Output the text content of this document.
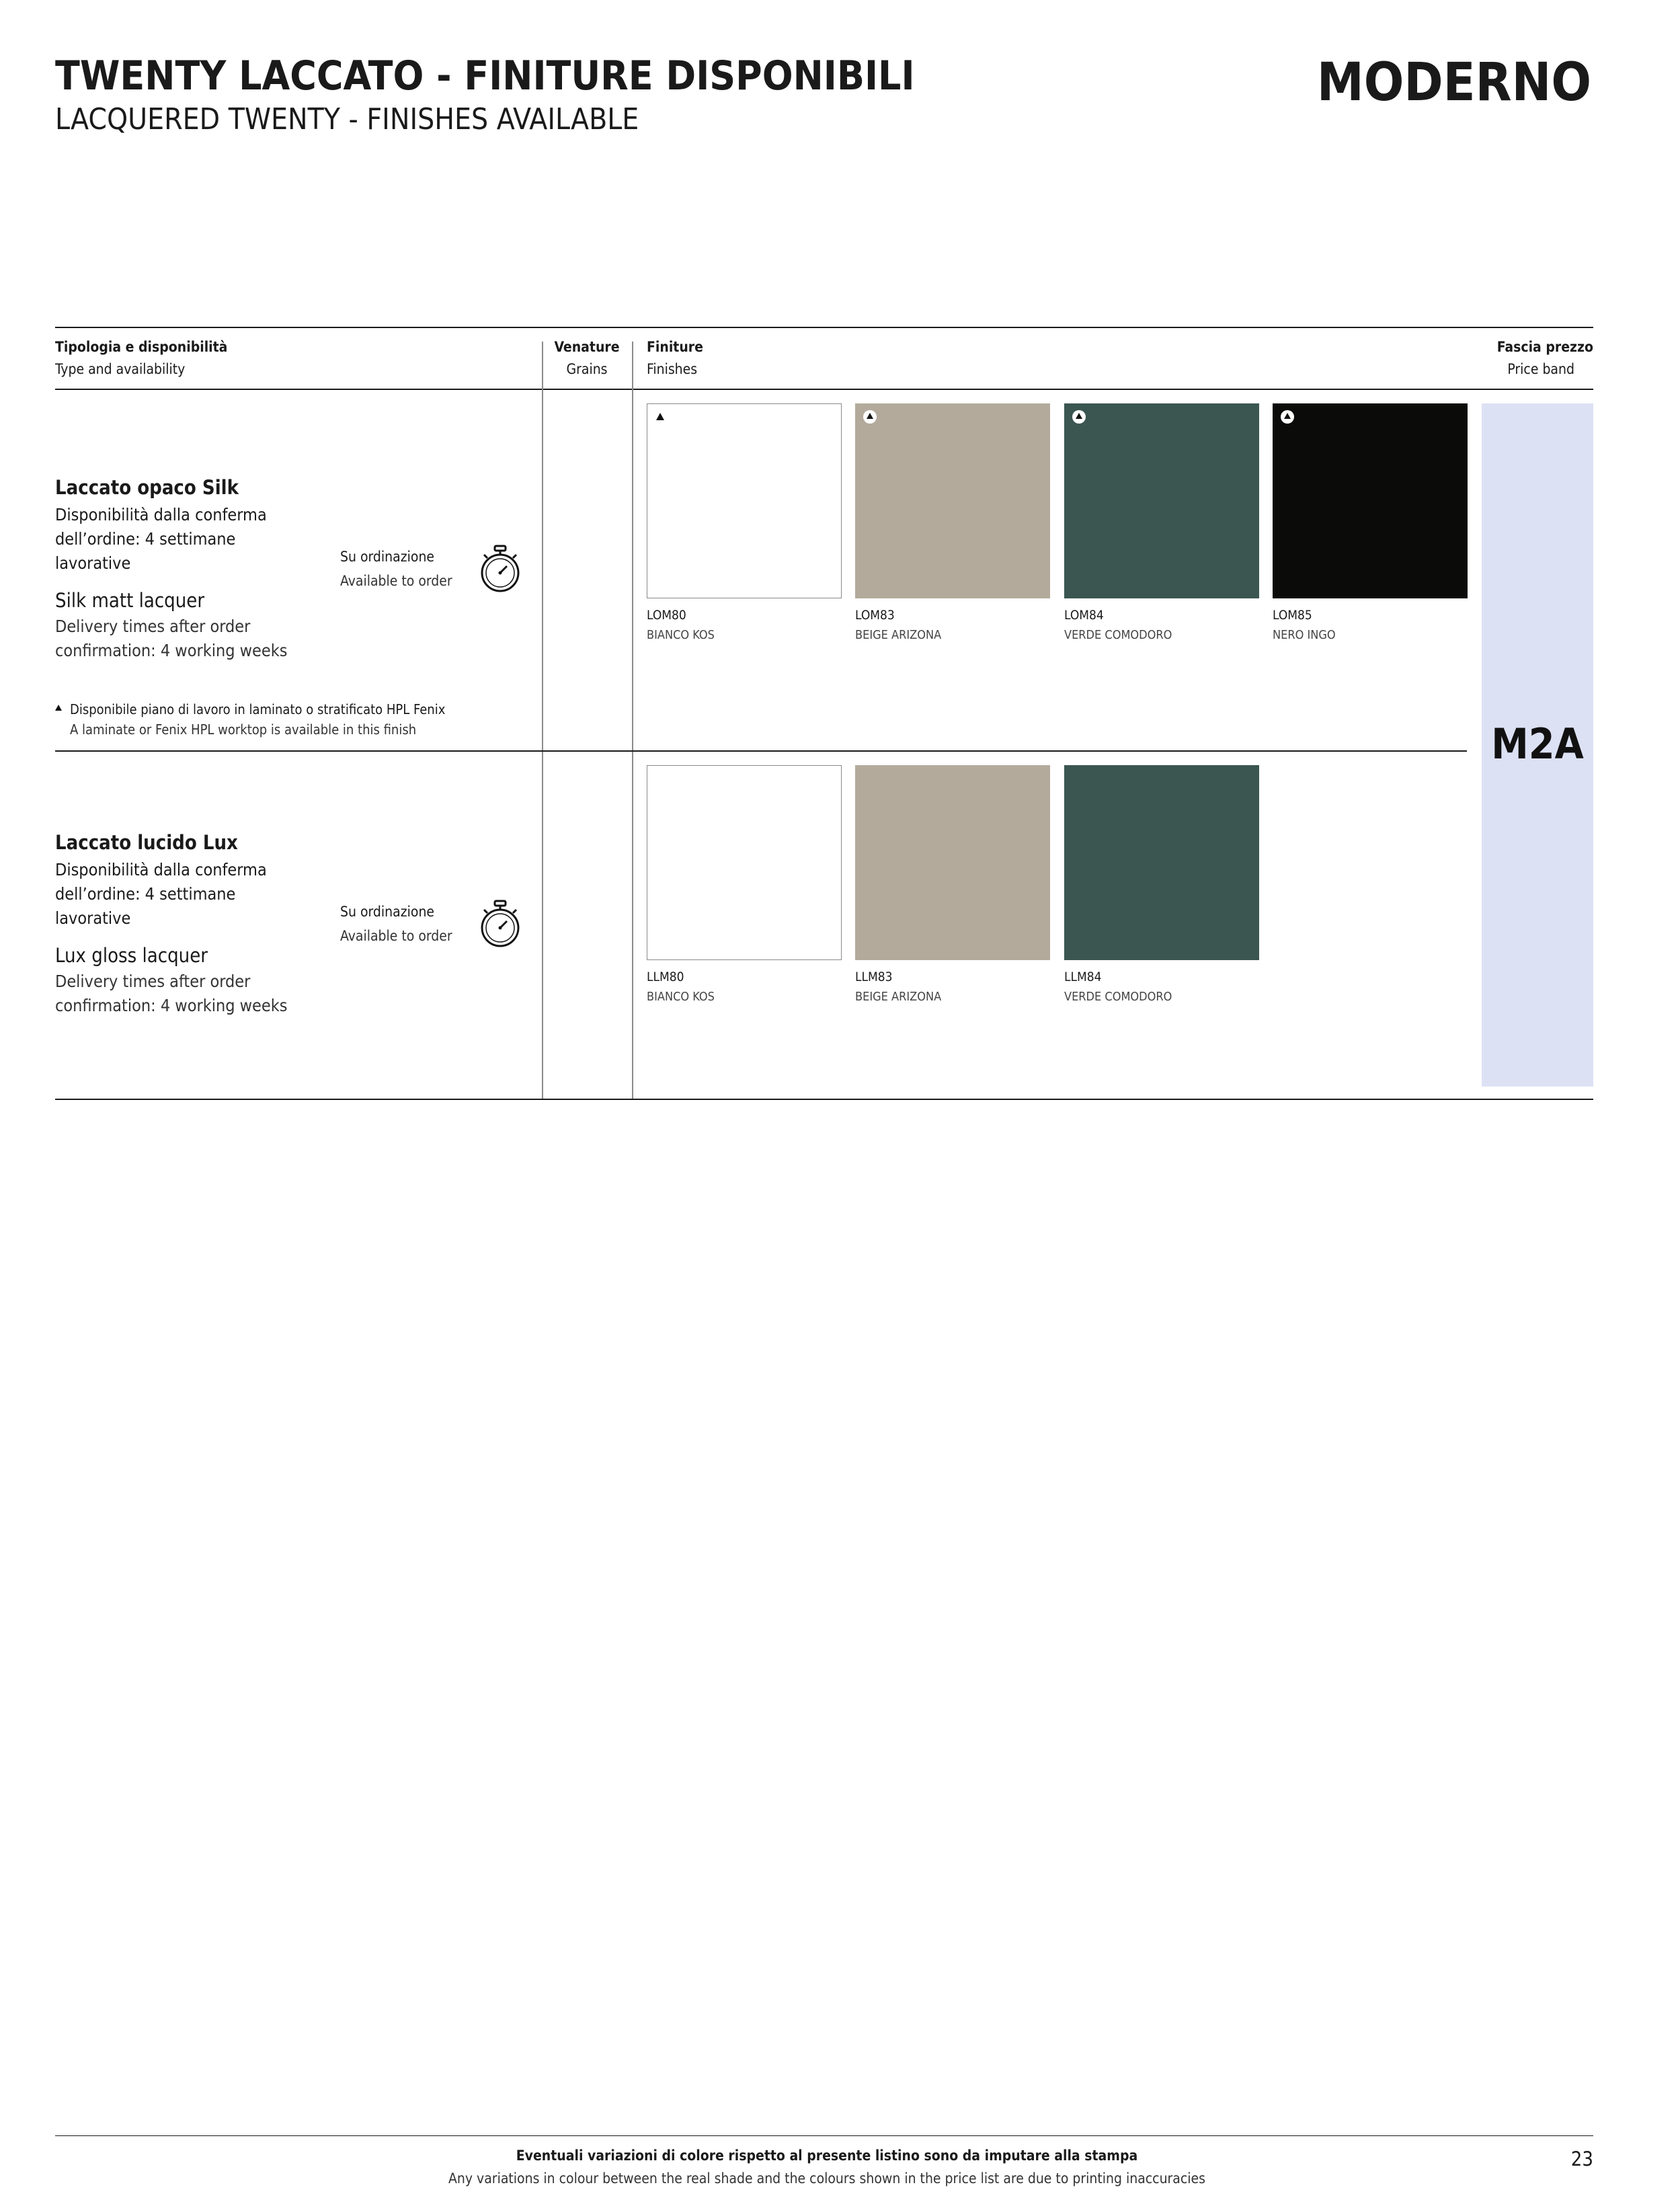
TWENTY LACCATO - FINITURE DISPONIBILI
LACQUERED TWENTY - FINISHES AVAILABLE
MODERNO
Tipologia e disponibilità
Type and availability
Venature
Grains
Finiture
Finishes
Fascia prezzo
Price band
M2A
Laccato opaco Silk
Disponibilità dalla conferma dell’ordine: 4 settimane lavorative
Silk matt lacquer
Delivery times after order confirmation: 4 working weeks
Su ordinazione
Available to order
LOM80
BIANCO KOS
LOM83
BEIGE ARIZONA
LOM84
VERDE COMODORO
LOM85
NERO INGO
Disponibile piano di lavoro in laminato o stratificato HPL Fenix
A laminate or Fenix HPL worktop is available in this finish
Laccato lucido Lux
Disponibilità dalla conferma dell’ordine: 4 settimane lavorative
Lux gloss lacquer
Delivery times after order confirmation: 4 working weeks
Su ordinazione
Available to order
LLM80
BIANCO KOS
LLM83
BEIGE ARIZONA
LLM84
VERDE COMODORO
Eventuali variazioni di colore rispetto al presente listino sono da imputare alla stampa
Any variations in colour between the real shade and the colours shown in the price list are due to printing inaccuracies
23
